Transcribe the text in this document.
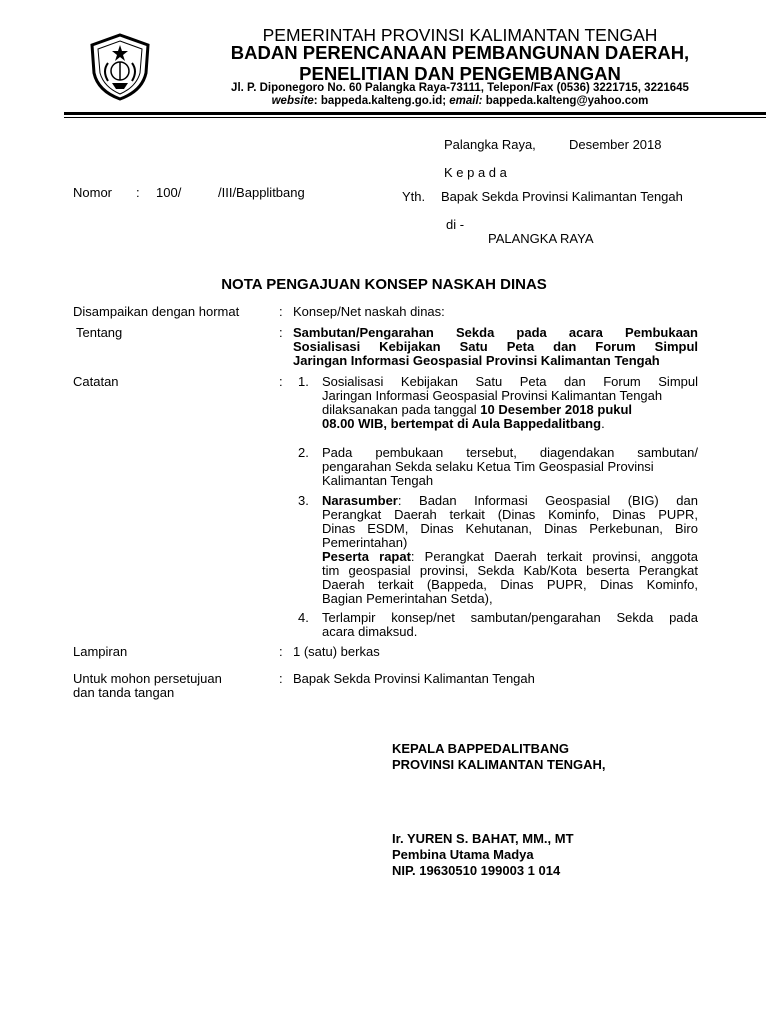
PEMERINTAH PROVINSI KALIMANTAN TENGAH
BADAN PERENCANAAN PEMBANGUNAN DAERAH,
PENELITIAN DAN PENGEMBANGAN
Jl. P. Diponegoro No. 60 Palangka Raya-73111, Telepon/Fax (0536) 3221715, 3221645
website: bappeda.kalteng.go.id; email: bappeda.kalteng@yahoo.com
Palangka Raya,	Desember 2018
K e p a d a
Nomor : 100/	/III/Bapplitbang	Yth. Bapak Sekda Provinsi Kalimantan Tengah
di -
PALANGKA RAYA
NOTA PENGAJUAN KONSEP NASKAH DINAS
Disampaikan dengan hormat	: Konsep/Net naskah dinas:
Tentang	: Sambutan/Pengarahan Sekda pada acara Pembukaan
Sosialisasi Kebijakan Satu Peta dan Forum Simpul
Jaringan Informasi Geospasial Provinsi Kalimantan Tengah
Catatan	: 1. Sosialisasi Kebijakan Satu Peta dan Forum Simpul
Jaringan Informasi Geospasial Provinsi Kalimantan Tengah
dilaksanakan pada tanggal 10 Desember 2018 pukul
08.00 WIB, bertempat di Aula Bappedalitbang.
2. Pada pembukaan tersebut, diagendakan sambutan/
pengarahan Sekda selaku Ketua Tim Geospasial Provinsi
Kalimantan Tengah
3. Narasumber: Badan Informasi Geospasial (BIG) dan
Perangkat Daerah terkait (Dinas Kominfo, Dinas PUPR,
Dinas ESDM, Dinas Kehutanan, Dinas Perkebunan, Biro
Pemerintahan)
Peserta rapat: Perangkat Daerah terkait provinsi, anggota
tim geospasial provinsi, Sekda Kab/Kota beserta Perangkat
Daerah terkait (Bappeda, Dinas PUPR, Dinas Kominfo,
Bagian Pemerintahan Setda),
4. Terlampir konsep/net sambutan/pengarahan Sekda pada
acara dimaksud.
Lampiran	: 1 (satu) berkas
Untuk mohon persetujuan
dan tanda tangan
: Bapak Sekda Provinsi Kalimantan Tengah
KEPALA BAPPEDALITBANG
PROVINSI KALIMANTAN TENGAH,
Ir. YUREN S. BAHAT, MM., MT
Pembina Utama Madya
NIP. 19630510 199003 1 014
